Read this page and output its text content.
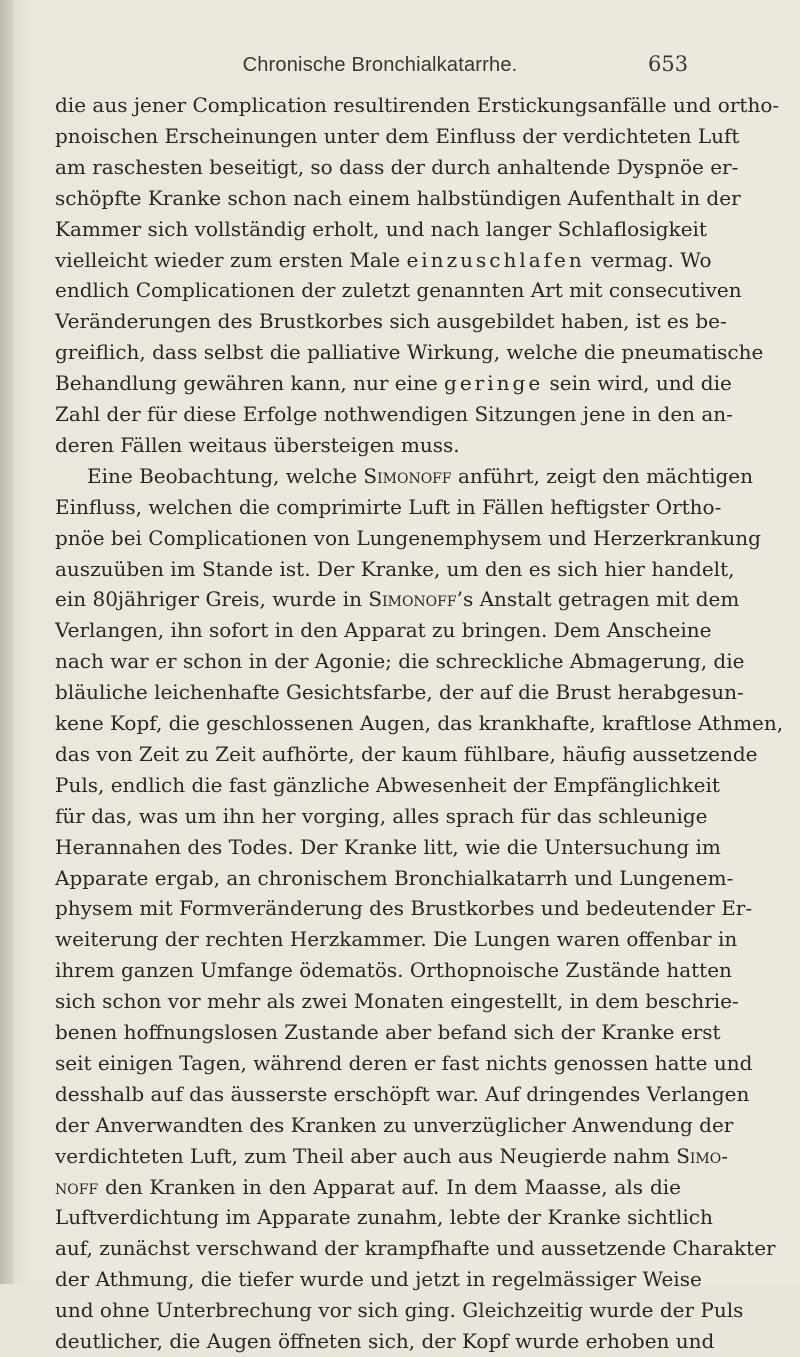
Chronische Bronchialkatarrhe.	653
die aus jener Complication resultirenden Erstickungsanfälle und ortho-
pnoischen Erscheinungen unter dem Einfluss der verdichteten Luft
am raschesten beseitigt, so dass der durch anhaltende Dyspnöe er-
schöpfte Kranke schon nach einem halbstündigen Aufenthalt in der
Kammer sich vollständig erholt, und nach langer Schlaflosigkeit
vielleicht wieder zum ersten Male einzuschlafen vermag. Wo
endlich Complicationen der zuletzt genannten Art mit consecutiven
Veränderungen des Brustkorbes sich ausgebildet haben, ist es be-
greiflich, dass selbst die palliative Wirkung, welche die pneumatische
Behandlung gewähren kann, nur eine geringe sein wird, und die
Zahl der für diese Erfolge nothwendigen Sitzungen jene in den an-
deren Fällen weitaus übersteigen muss.
Eine Beobachtung, welche Simonoff anführt, zeigt den mächtigen
Einfluss, welchen die comprimirte Luft in Fällen heftigster Ortho-
pnöe bei Complicationen von Lungenemphysem und Herzerkrankung
auszuüben im Stande ist. Der Kranke, um den es sich hier handelt,
ein 80jähriger Greis, wurde in Simonoff’s Anstalt getragen mit dem
Verlangen, ihn sofort in den Apparat zu bringen. Dem Anscheine
nach war er schon in der Agonie; die schreckliche Abmagerung, die
bläuliche leichenhafte Gesichtsfarbe, der auf die Brust herabgesun-
kene Kopf, die geschlossenen Augen, das krankhafte, kraftlose Athmen,
das von Zeit zu Zeit aufhörte, der kaum fühlbare, häufig aussetzende
Puls, endlich die fast gänzliche Abwesenheit der Empfänglichkeit
für das, was um ihn her vorging, alles sprach für das schleunige
Herannahen des Todes. Der Kranke litt, wie die Untersuchung im
Apparate ergab, an chronischem Bronchialkatarrh und Lungenem-
physem mit Formveränderung des Brustkorbes und bedeutender Er-
weiterung der rechten Herzkammer. Die Lungen waren offenbar in
ihrem ganzen Umfange ödematös. Orthopnoische Zustände hatten
sich schon vor mehr als zwei Monaten eingestellt, in dem beschrie-
benen hoffnungslosen Zustande aber befand sich der Kranke erst
seit einigen Tagen, während deren er fast nichts genossen hatte und
desshalb auf das äusserste erschöpft war. Auf dringendes Verlangen
der Anverwandten des Kranken zu unverzüglicher Anwendung der
verdichteten Luft, zum Theil aber auch aus Neugierde nahm Simo-
noff den Kranken in den Apparat auf. In dem Maasse, als die
Luftverdichtung im Apparate zunahm, lebte der Kranke sichtlich
auf, zunächst verschwand der krampfhafte und aussetzende Charakter
der Athmung, die tiefer wurde und jetzt in regelmässiger Weise
und ohne Unterbrechung vor sich ging. Gleichzeitig wurde der Puls
deutlicher, die Augen öffneten sich, der Kopf wurde erhoben und
